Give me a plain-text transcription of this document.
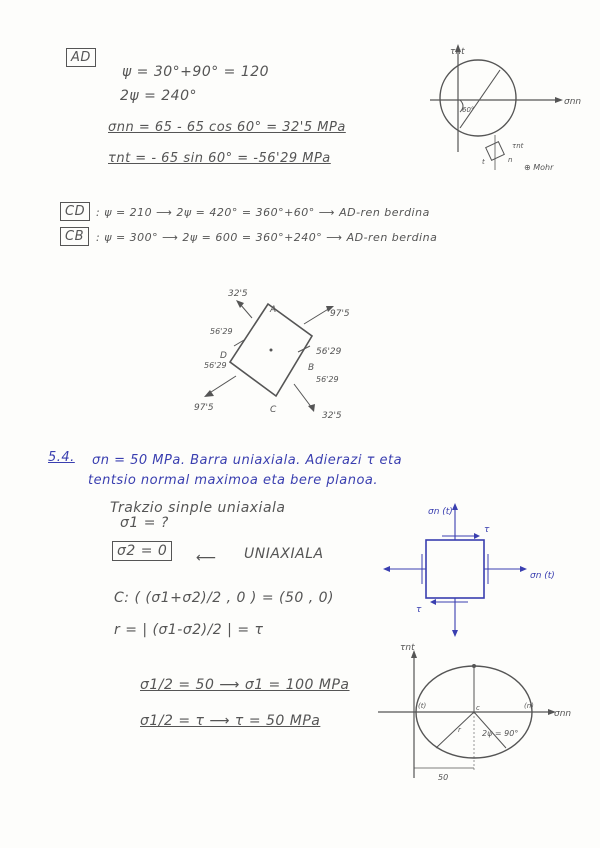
AD
ψ = 30°+90° = 120
2ψ = 240°
σnn = 65 - 65 cos 60° = 32'5 MPa
τnt = - 65 sin 60° = -56'29 MPa
60°
τnt
σnn
τnt
n
t
⊕ Mohr
CD : ψ = 210 ⟶ 2ψ = 420° = 360°+60° ⟶ AD-ren berdina
CB	: ψ = 300° ⟶ 2ψ = 600 = 360°+240° ⟶ AD-ren berdina
32'5
97'5
56'29
56'29
56'29
56'29
97'5
32'5
A
B
C
D
5.4. σn = 50 MPa. Barra uniaxiala. Adierazi τ eta
tentsio normal maximoa eta bere planoa.
Trakzio sinple uniaxiala
σ1 = ?
σ2 = 0	⟵ UNIAXIALA
C: ( (σ1+σ2)/2 , 0 ) = (50 , 0)
r = | (σ1-σ2)/2 | = τ
σ1/2 = 50 ⟶ σ1 = 100 MPa
σ1/2 = τ ⟶ τ = 50 MPa
σn (t)
τ
σn (t)
τ
τnt
σnn
(t)	(n)
r
c
2ψ = 90°
50
